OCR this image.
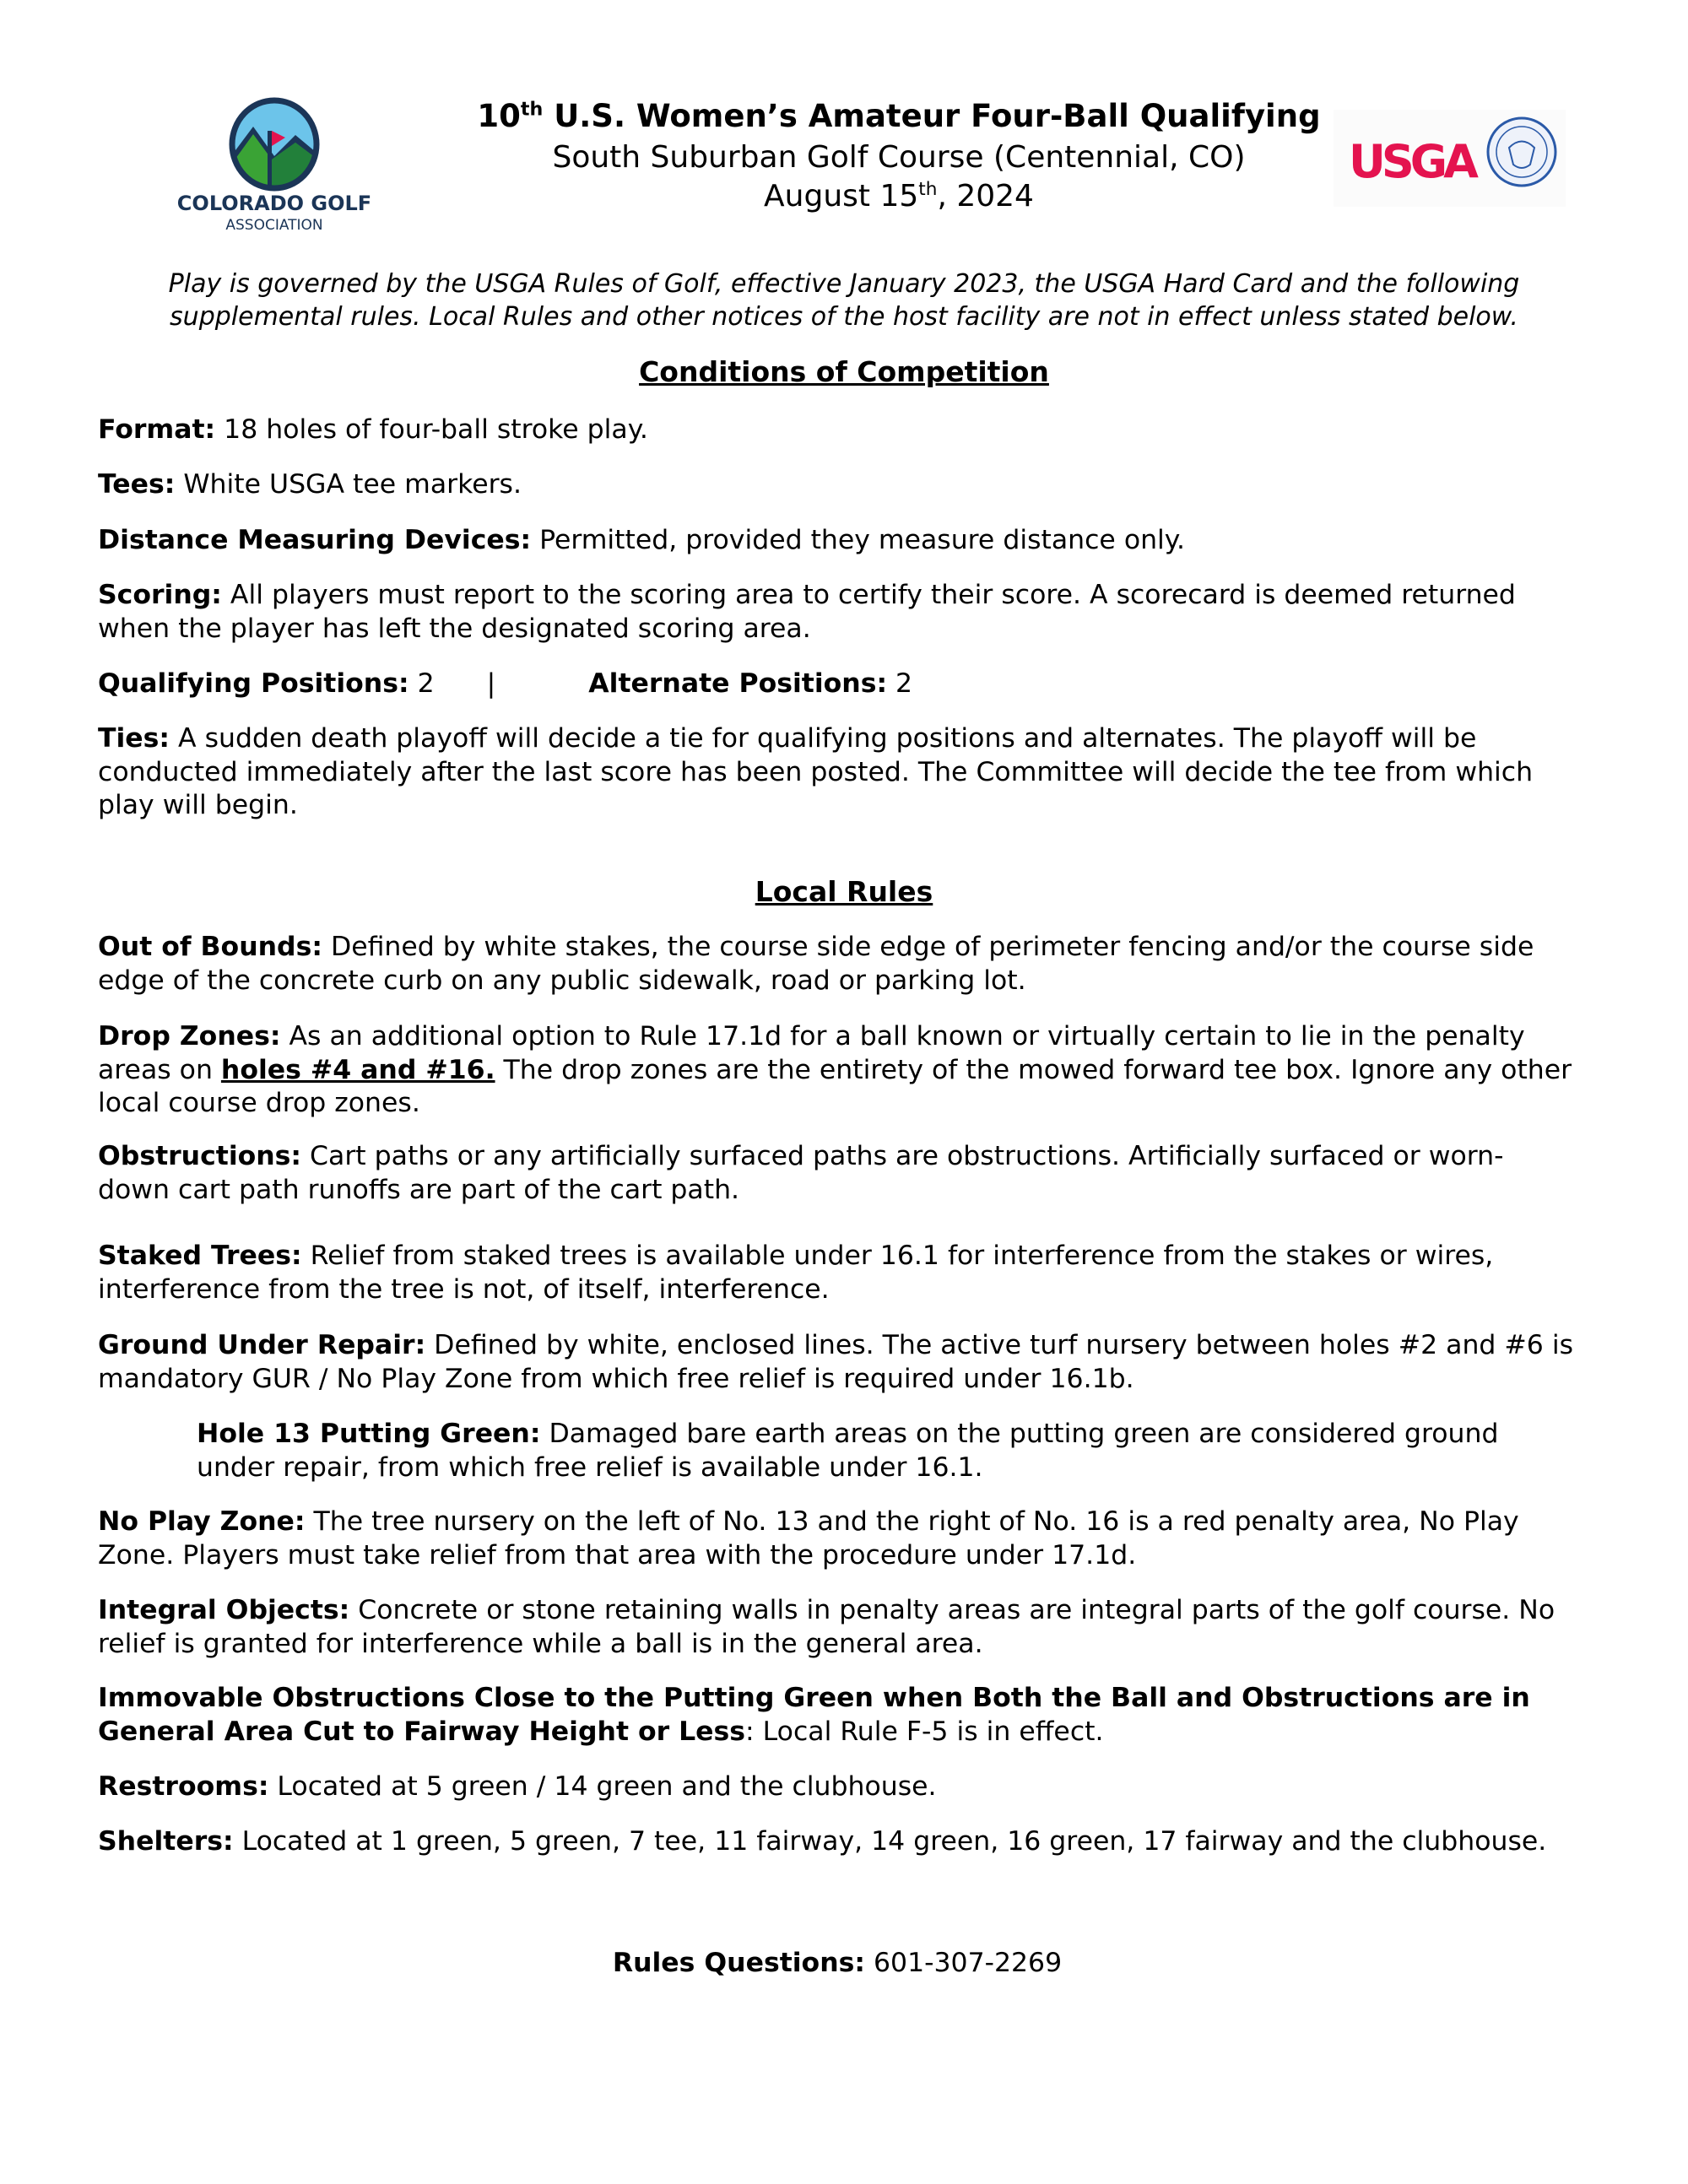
COLORADO GOLF
ASSOCIATION
USGA
10th U.S. Women’s Amateur Four-Ball Qualifying
South Suburban Golf Course (Centennial, CO)
August 15th, 2024
Play is governed by the USGA Rules of Golf, effective January 2023, the USGA Hard Card and the following supplemental rules. Local Rules and other notices of the host facility are not in effect unless stated below.
Conditions of Competition
Format: 18 holes of four-ball stroke play.
Tees: White USGA tee markers.
Distance Measuring Devices: Permitted, provided they measure distance only.
Scoring: All players must report to the scoring area to certify their score. A scorecard is deemed returned when the player has left the designated scoring area.
Qualifying Positions: 2 |	Alternate Positions: 2
Ties: A sudden death playoff will decide a tie for qualifying positions and alternates. The playoff will be conducted immediately after the last score has been posted. The Committee will decide the tee from which play will begin.
Local Rules
Out of Bounds: Defined by white stakes, the course side edge of perimeter fencing and/or the course side edge of the concrete curb on any public sidewalk, road or parking lot.
Drop Zones: As an additional option to Rule 17.1d for a ball known or virtually certain to lie in the penalty areas on holes #4 and #16. The drop zones are the entirety of the mowed forward tee box. Ignore any other local course drop zones.
Obstructions: Cart paths or any artificially surfaced paths are obstructions. Artificially surfaced or worn-down cart path runoffs are part of the cart path.
Staked Trees: Relief from staked trees is available under 16.1 for interference from the stakes or wires, interference from the tree is not, of itself, interference.
Ground Under Repair: Defined by white, enclosed lines. The active turf nursery between holes #2 and #6 is mandatory GUR / No Play Zone from which free relief is required under 16.1b.
Hole 13 Putting Green: Damaged bare earth areas on the putting green are considered ground under repair, from which free relief is available under 16.1.
No Play Zone: The tree nursery on the left of No. 13 and the right of No. 16 is a red penalty area, No Play Zone. Players must take relief from that area with the procedure under 17.1d.
Integral Objects: Concrete or stone retaining walls in penalty areas are integral parts of the golf course. No relief is granted for interference while a ball is in the general area.
Immovable Obstructions Close to the Putting Green when Both the Ball and Obstructions are in General Area Cut to Fairway Height or Less: Local Rule F-5 is in effect.
Restrooms: Located at 5 green / 14 green and the clubhouse.
Shelters: Located at 1 green, 5 green, 7 tee, 11 fairway, 14 green, 16 green, 17 fairway and the clubhouse.
Rules Questions: 601-307-2269
